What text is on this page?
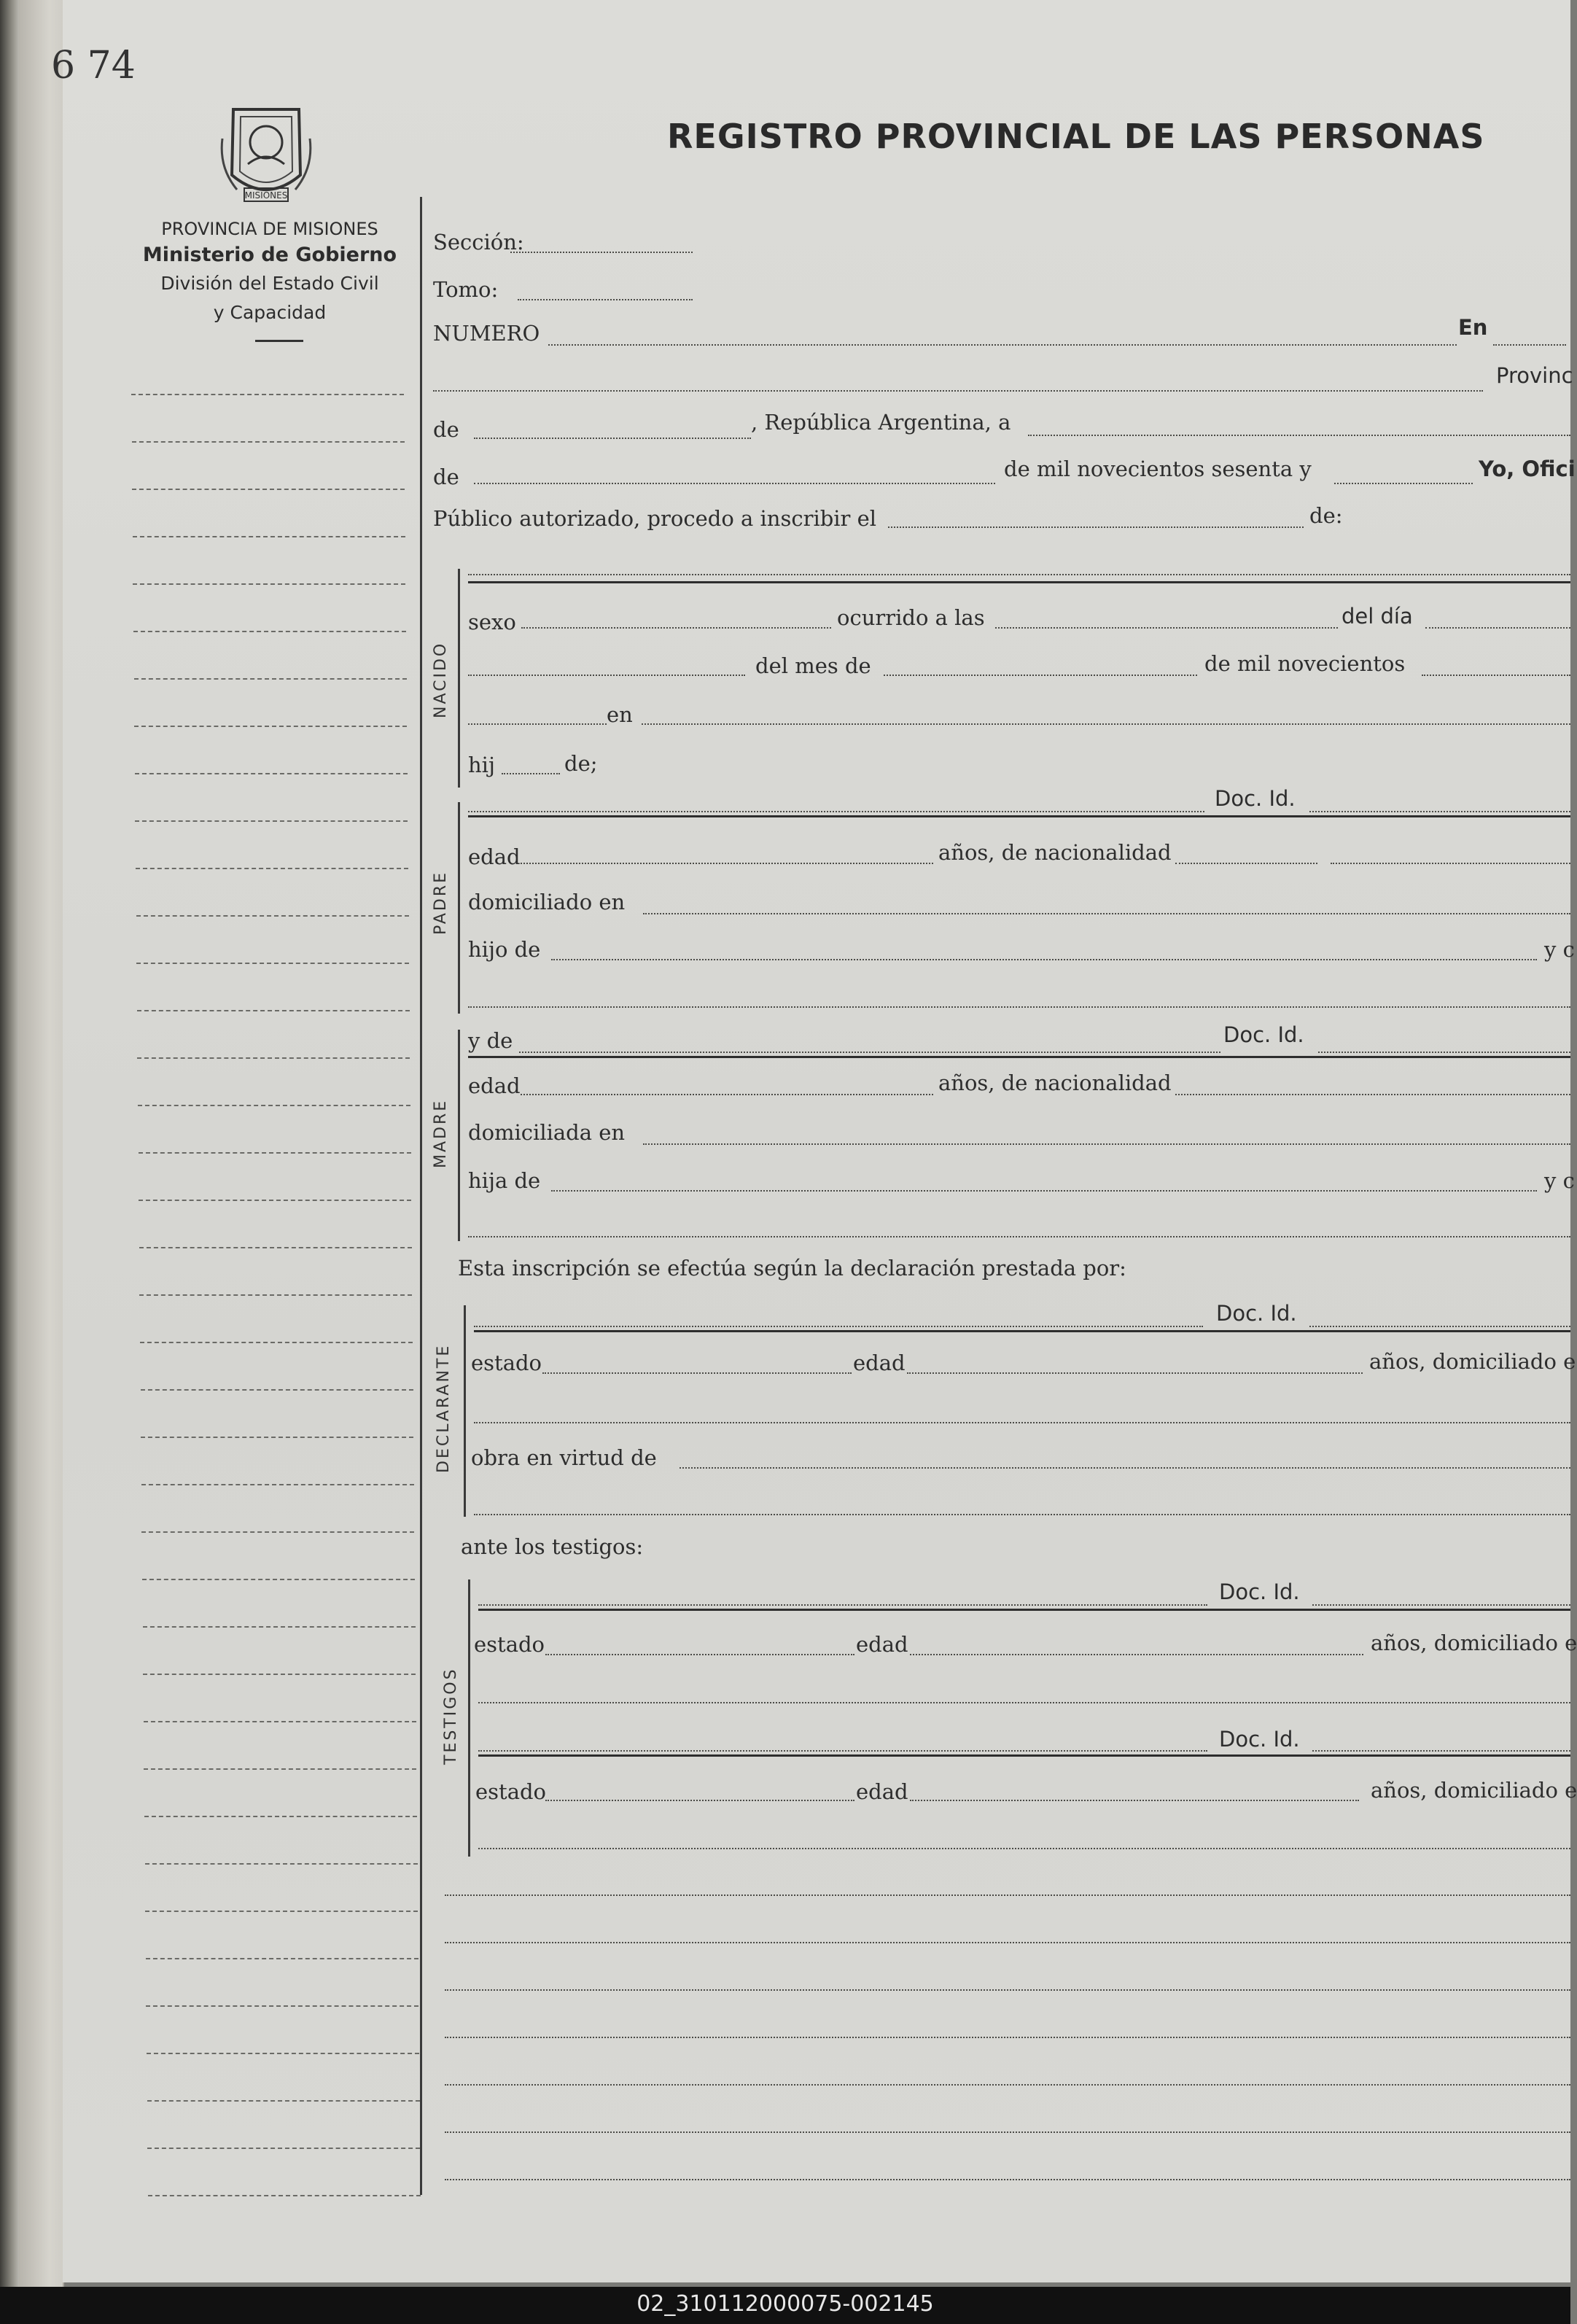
6 74
MISIONES
PROVINCIA DE MISIONES
Ministerio de Gobierno
División del Estado Civil
y Capacidad
REGISTRO PROVINCIAL DE LAS PERSONAS
Sección:
Tomo:
NUMERO	En
Provinc
de	, República Argentina, a
de	de mil novecientos sesenta y	Yo, Ofici
Público autorizado, procedo a inscribir el	de:
NACIDO
sexo	ocurrido a las	del día
del mes de	de mil novecientos
en
hij	de;
PADRE
Doc. Id.
edad	años, de nacionalidad
domiciliado en
hijo de	y c
MADRE
y de	Doc. Id.
edad	años, de nacionalidad
domiciliada en
hija de	y c
Esta inscripción se efectúa según la declaración prestada por:
DECLARANTE
Doc. Id.
estado	edad	años, domiciliado e
obra en virtud de
ante los testigos:
TESTIGOS
Doc. Id.
estado	edad	años, domiciliado e
Doc. Id.
estado	edad	años, domiciliado e
02_310112000075-002145
